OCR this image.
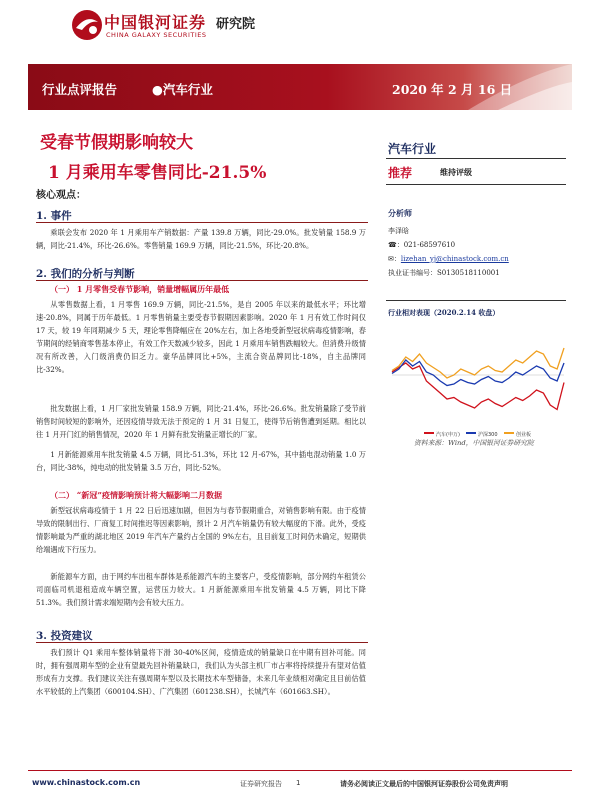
中国银河证券
CHINA GALAXY SECURITIES
研究院
行业点评报告	●汽车行业	2020 年 2 月 16 日
受春节假期影响较大
1 月乘用车零售同比-21.5%
核心观点：
1. 事件
乘联会发布 2020 年 1 月乘用车产销数据：产量 139.8 万辆，同比-29.0%。批发销量 158.9 万辆，同比-21.4%，环比-26.6%。零售销量 169.9 万辆，同比-21.5%，环比-20.8%。
2. 我们的分析与判断
（一） 1 月零售受春节影响，销量增幅属历年最低
从零售数据上看，1 月零售 169.9 万辆，同比-21.5%，是自 2005 年以来的最低水平；环比增速-20.8%，同属于历年最低。1 月零售销量主要受春节假期因素影响。2020 年 1 月有效工作时间仅 17 天，较 19 年同期减少 5 天，理论零售降幅应在 20%左右，加上各地受新型冠状病毒疫情影响，春节期间的经销商零售基本停止，有效工作天数减少较多，因此 1 月乘用车销售跌幅较大。但消费升级情况有所改善，入门级消费仍旧乏力。豪华品牌同比+5%，主流合资品牌同比-18%，自主品牌同比-32%。
批发数据上看，1 月厂家批发销量 158.9 万辆，同比-21.4%，环比-26.6%。批发销量除了受节前销售时间较短的影响外，还因疫情导致无法于预定的 1 月 31 日复工，使得节后销售遭到延期。相比以往 1 月开门红的销售情况，2020 年 1 月鲜有批发销量正增长的厂家。
1 月新能源乘用车批发销量 4.5 万辆，同比-51.3%，环比 12 月-67%，其中插电混动销量 1.0 万台，同比-38%，纯电动的批发销量 3.5 万台，同比-52%。
（二） “新冠”疫情影响预计将大幅影响二月数据
新型冠状病毒疫情于 1 月 22 日后迅速加剧，但因为与春节假期重合，对销售影响有限。由于疫情导致的限制出行、厂商复工时间推迟等因素影响，预计 2 月汽车销量仍有较大幅度的下滑。此外，受疫情影响最为严重的湖北地区 2019 年汽车产量约占全国的 9%左右，且目前复工时间仍未确定，短期供给端遇成下行压力。
新能源车方面，由于网约车出租车群体是系能源汽车的主要客户，受疫情影响，部分网约车租赁公司面临司机退租造成车辆空置，运营压力较大。1 月新能源乘用车批发销量 4.5 万辆，同比下降 51.3%。我们预计需求端短期内会有较大压力。
3. 投资建议
我们预计 Q1 乘用车整体销量将下滑 30-40%区间，疫情造成的销量缺口在中期有回补可能。同时，拥有强周期车型的企业有望最先回补销量缺口，我们认为头部主机厂市占率将持续提升有望对估值形成有力支撑。我们建议关注有强周期车型以及长期技术车型储备，未来几年业绩相对确定且目前估值水平较低的上汽集团（600104.SH）、广汽集团（601238.SH），长城汽车（601663.SH）。
汽车行业
推荐	维持评级
分析师
李泽晗
☎：021-68597610
✉：lizehan_yj@chinastock.com.cn
执业证书编号：S0130518110001
行业相对表现（2020.2.14 收盘）
汽车(申万)	沪深300	创业板
资料来源：Wind，中国银河证券研究院
www.chinastock.com.cn	证券研究报告 1	请务必阅读正文最后的中国银河证券股份公司免责声明
